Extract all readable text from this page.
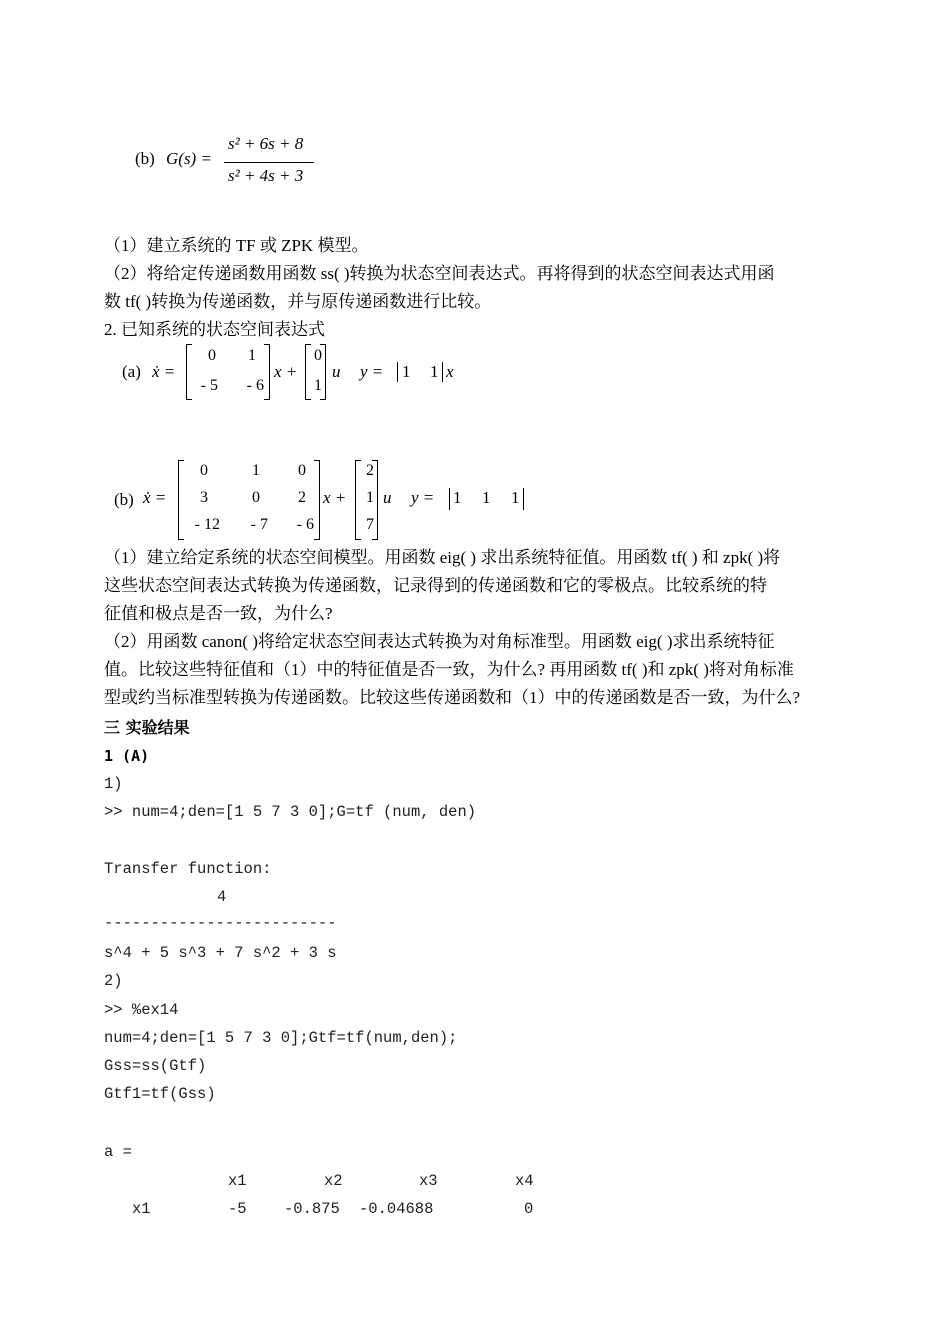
(b) G(s) =
s² + 6s + 8
s² + 4s + 3
（1）建立系统的 TF 或 ZPK 模型。
（2）将给定传递函数用函数 ss( )转换为状态空间表达式。再将得到的状态空间表达式用函
数 tf( )转换为传递函数，并与原传递函数进行比较。
2. 已知系统的状态空间表达式
(a) ẋ =
0	1
- 5	- 6
x +
0
1
u y = 1 1 x
(b) ẋ =
0	1	0
3	0	2
- 12	- 7	- 6
x +
2
1
7
u y = 1 1 1
（1）建立给定系统的状态空间模型。用函数 eig( ) 求出系统特征值。用函数 tf( ) 和 zpk( )将
这些状态空间表达式转换为传递函数，记录得到的传递函数和它的零极点。比较系统的特
征值和极点是否一致，为什么?
（2）用函数 canon( )将给定状态空间表达式转换为对角标准型。用函数 eig( )求出系统特征
值。比较这些特征值和（1）中的特征值是否一致，为什么? 再用函数 tf( )和 zpk( )将对角标准
型或约当标准型转换为传递函数。比较这些传递函数和（1）中的传递函数是否一致，为什么?
三 实验结果
1 (A)
1)
>> num=4;den=[1 5 7 3 0];G=tf (num, den)
Transfer function:
4
-------------------------
s^4 + 5 s^3 + 7 s^2 + 3 s
2)
>> %ex14
num=4;den=[1 5 7 3 0];Gtf=tf(num,den);
Gss=ss(Gtf)
Gtf1=tf(Gss)
a =
x1	x2	x3	x4
x1	-5 -0.875 -0.04688	0
